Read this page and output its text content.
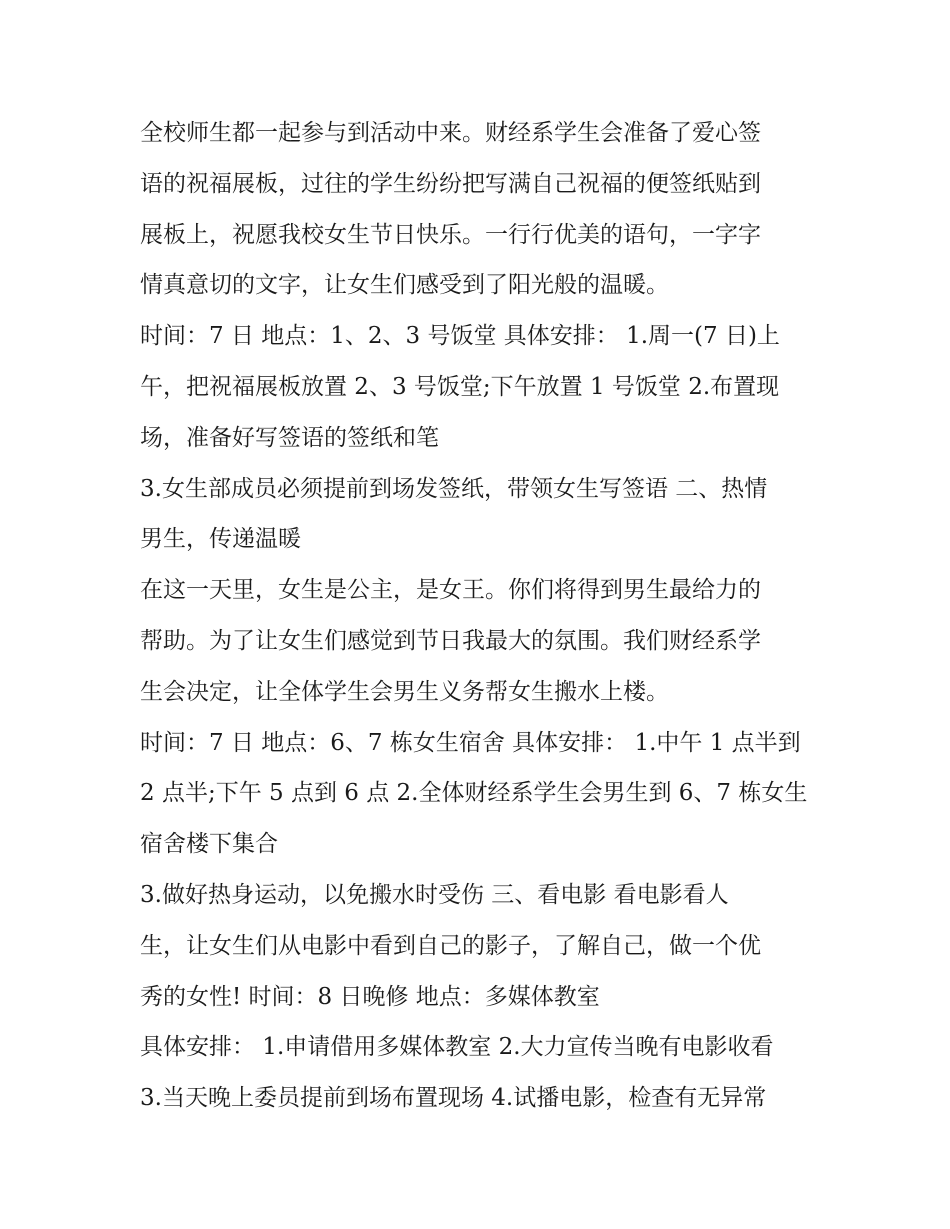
全校师生都一起参与到活动中来。财经系学生会准备了爱心签
语的祝福展板，过往的学生纷纷把写满自己祝福的便签纸贴到
展板上，祝愿我校女生节日快乐。一行行优美的语句，一字字
情真意切的文字，让女生们感受到了阳光般的温暖。
时间：7 日 地点：1、2、3 号饭堂 具体安排： 1.周一(7 日)上
午，把祝福展板放置 2、3 号饭堂;下午放置 1 号饭堂 2.布置现
场，准备好写签语的签纸和笔
3.女生部成员必须提前到场发签纸，带领女生写签语 二、热情
男生，传递温暖
在这一天里，女生是公主，是女王。你们将得到男生最给力的
帮助。为了让女生们感觉到节日我最大的氛围。我们财经系学
生会决定，让全体学生会男生义务帮女生搬水上楼。
时间：7 日 地点：6、7 栋女生宿舍 具体安排： 1.中午 1 点半到
2 点半;下午 5 点到 6 点 2.全体财经系学生会男生到 6、7 栋女生
宿舍楼下集合
3.做好热身运动，以免搬水时受伤 三、看电影 看电影看人
生，让女生们从电影中看到自己的影子，了解自己，做一个优
秀的女性! 时间：8 日晚修 地点：多媒体教室
具体安排： 1.申请借用多媒体教室 2.大力宣传当晚有电影收看
3.当天晚上委员提前到场布置现场 4.试播电影，检查有无异常
